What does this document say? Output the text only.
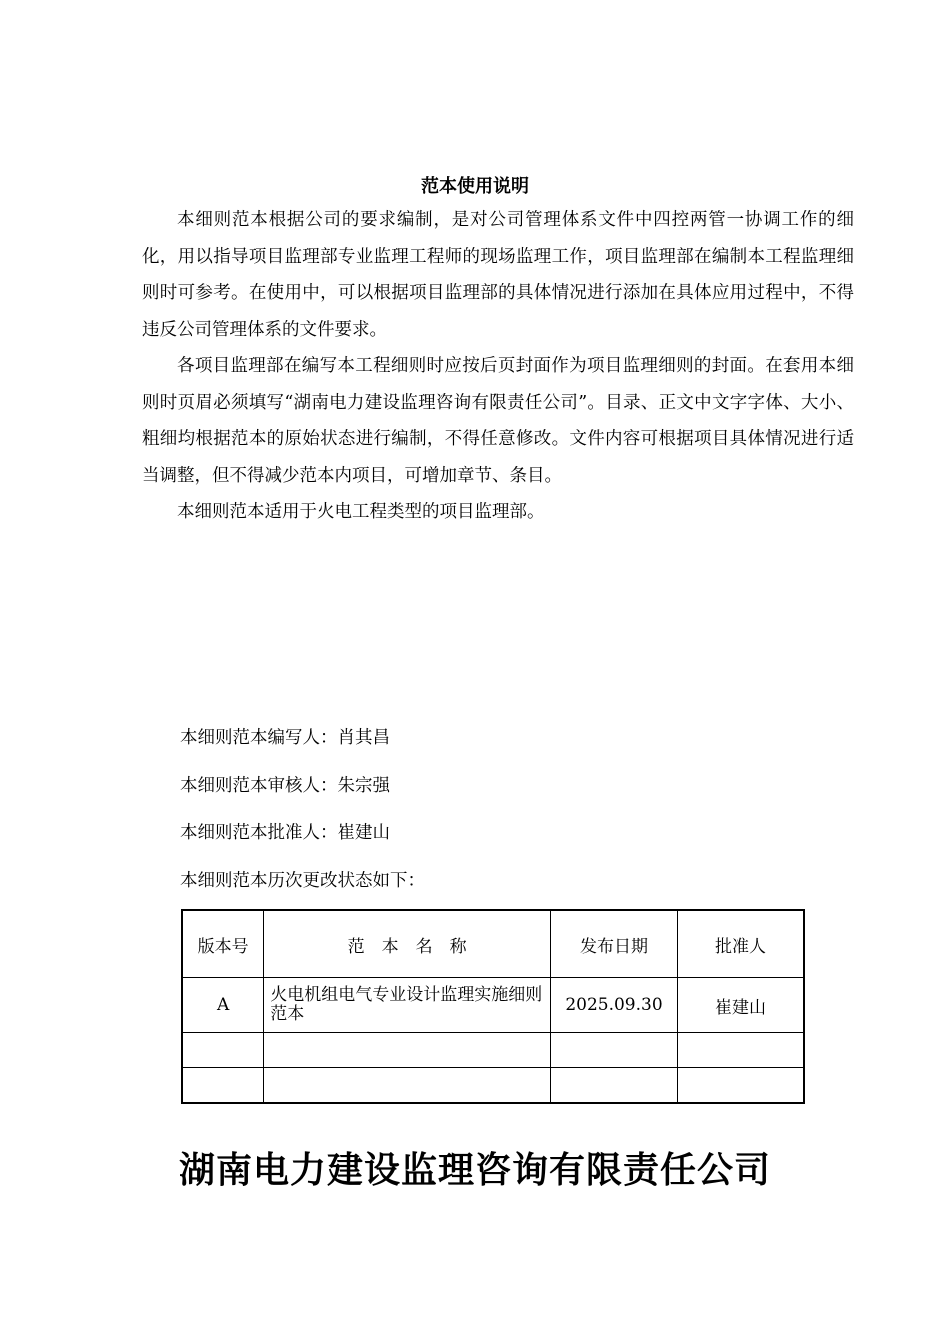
范本使用说明

本细则范本根据公司的要求编制，是对公司管理体系文件中四控两管一协调工作的细化，用以指导项目监理部专业监理工程师的现场监理工作，项目监理部在编制本工程监理细则时可参考。在使用中，可以根据项目监理部的具体情况进行添加在具体应用过程中，不得违反公司管理体系的文件要求。

各项目监理部在编写本工程细则时应按后页封面作为项目监理细则的封面。在套用本细则时页眉必须填写“湖南电力建设监理咨询有限责任公司”。目录、正文中文字字体、大小、粗细均根据范本的原始状态进行编制，不得任意修改。文件内容可根据项目具体情况进行适当调整，但不得减少范本内项目，可增加章节、条目。

本细则范本适用于火电工程类型的项目监理部。

本细则范本编写人：肖其昌
本细则范本审核人：朱宗强
本细则范本批准人：崔建山
本细则范本历次更改状态如下：
版本号	范　本　名　称	发布日期	批准人
A	火电机组电气专业设计监理实施细则范本	2025.09.30	崔建山

湖南电力建设监理咨询有限责任公司
